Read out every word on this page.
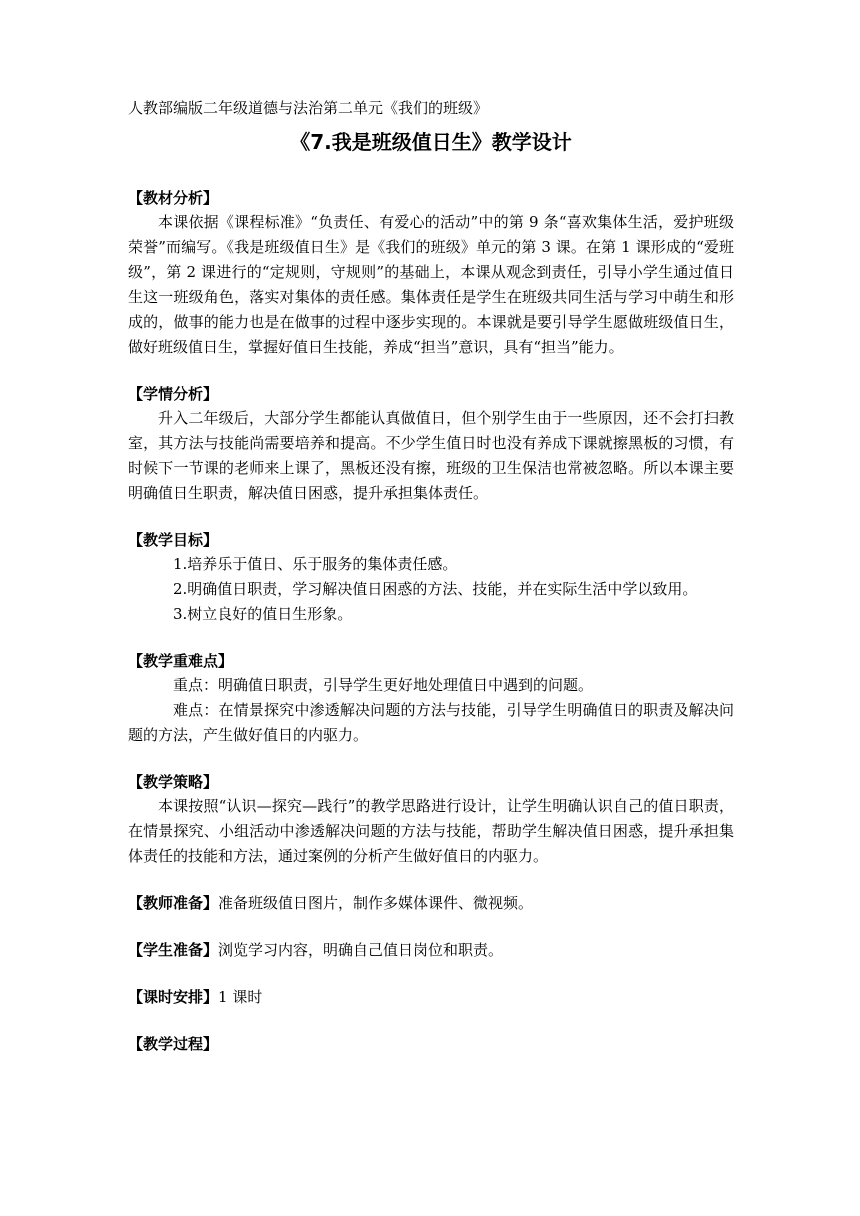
人教部编版二年级道德与法治第二单元《我们的班级》

《7.我是班级值日生》教学设计
【教材分析】

本课依据《课程标准》“负责任、有爱心的活动”中的第 9 条“喜欢集体生活，爱护班级荣誉”而编写。《我是班级值日生》是《我们的班级》单元的第 3 课。在第 1 课形成的“爱班级”，第 2 课进行的“定规则，守规则”的基础上，本课从观念到责任，引导小学生通过值日生这一班级角色，落实对集体的责任感。集体责任是学生在班级共同生活与学习中萌生和形成的，做事的能力也是在做事的过程中逐步实现的。本课就是要引导学生愿做班级值日生，做好班级值日生，掌握好值日生技能，养成“担当”意识，具有“担当”能力。

【学情分析】

升入二年级后，大部分学生都能认真做值日，但个别学生由于一些原因，还不会打扫教室，其方法与技能尚需要培养和提高。不少学生值日时也没有养成下课就擦黑板的习惯，有时候下一节课的老师来上课了，黑板还没有擦，班级的卫生保洁也常被忽略。所以本课主要明确值日生职责，解决值日困惑，提升承担集体责任。

【教学目标】

1.培养乐于值日、乐于服务的集体责任感。

2.明确值日职责，学习解决值日困惑的方法、技能，并在实际生活中学以致用。

3.树立良好的值日生形象。

【教学重难点】

重点：明确值日职责，引导学生更好地处理值日中遇到的问题。

难点：在情景探究中渗透解决问题的方法与技能，引导学生明确值日的职责及解决问题的方法，产生做好值日的内驱力。

【教学策略】

本课按照“认识—探究—践行”的教学思路进行设计，让学生明确认识自己的值日职责，在情景探究、小组活动中渗透解决问题的方法与技能，帮助学生解决值日困惑，提升承担集体责任的技能和方法，通过案例的分析产生做好值日的内驱力。

【教师准备】准备班级值日图片，制作多媒体课件、微视频。
【学生准备】浏览学习内容，明确自己值日岗位和职责。
【课时安排】1 课时
【教学过程】
